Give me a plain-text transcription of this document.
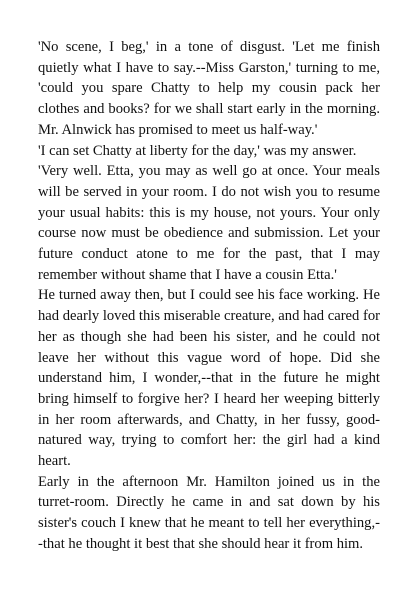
'No scene, I beg,' in a tone of disgust. 'Let me finish quietly what I have to say.--Miss Garston,' turning to me, 'could you spare Chatty to help my cousin pack her clothes and books? for we shall start early in the morning. Mr. Alnwick has promised to meet us half-way.'

'I can set Chatty at liberty for the day,' was my answer.

'Very well. Etta, you may as well go at once. Your meals will be served in your room. I do not wish you to resume your usual habits: this is my house, not yours. Your only course now must be obedience and submission. Let your future conduct atone to me for the past, that I may remember without shame that I have a cousin Etta.'

He turned away then, but I could see his face working. He had dearly loved this miserable creature, and had cared for her as though she had been his sister, and he could not leave her without this vague word of hope. Did she understand him, I wonder,--that in the future he might bring himself to forgive her? I heard her weeping bitterly in her room afterwards, and Chatty, in her fussy, good-natured way, trying to comfort her: the girl had a kind heart.

Early in the afternoon Mr. Hamilton joined us in the turret-room. Directly he came in and sat down by his sister's couch I knew that he meant to tell her everything,--that he thought it best that she should hear it from him.
